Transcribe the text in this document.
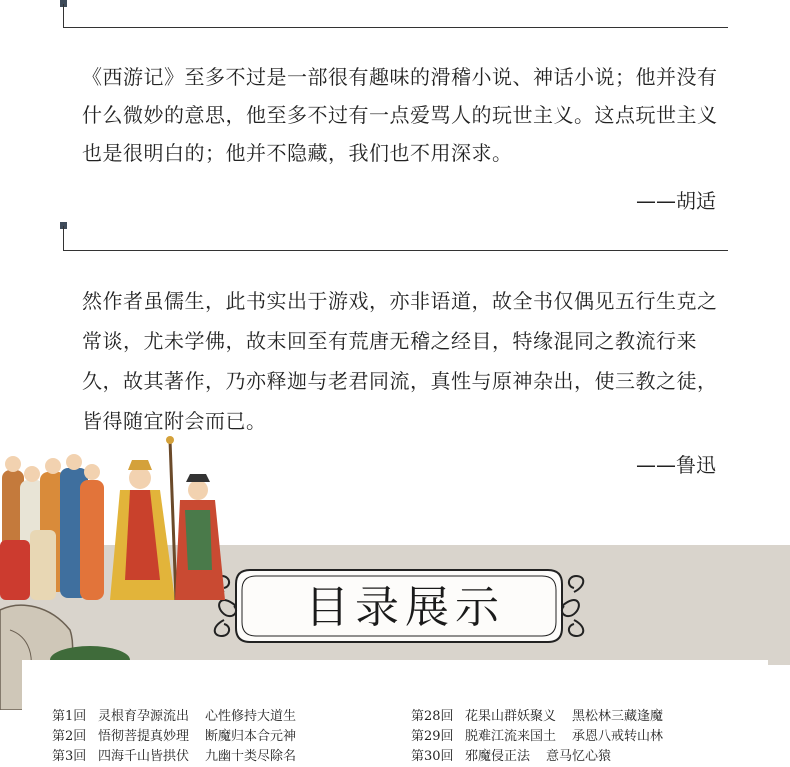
《西游记》至多不过是一部很有趣味的滑稽小说、神话小说；他并没有什么微妙的意思，他至多不过有一点爱骂人的玩世主义。这点玩世主义也是很明白的；他并不隐藏，我们也不用深求。
——胡适
然作者虽儒生，此书实出于游戏，亦非语道，故全书仅偶见五行生克之常谈，尤未学佛，故末回至有荒唐无稽之经目，特缘混同之教流行来久，故其著作，乃亦释迦与老君同流，真性与原神杂出，使三教之徒，皆得随宜附会而已。
——鲁迅
目录展示
第1回 灵根育孕源流出 心性修持大道生
第2回 悟彻菩提真妙理 断魔归本合元神
第3回 四海千山皆拱伏 九幽十类尽除名
第28回 花果山群妖聚义 黑松林三藏逢魔
第29回 脱难江流来国土 承恩八戒转山林
第30回 邪魔侵正法 意马忆心猿
